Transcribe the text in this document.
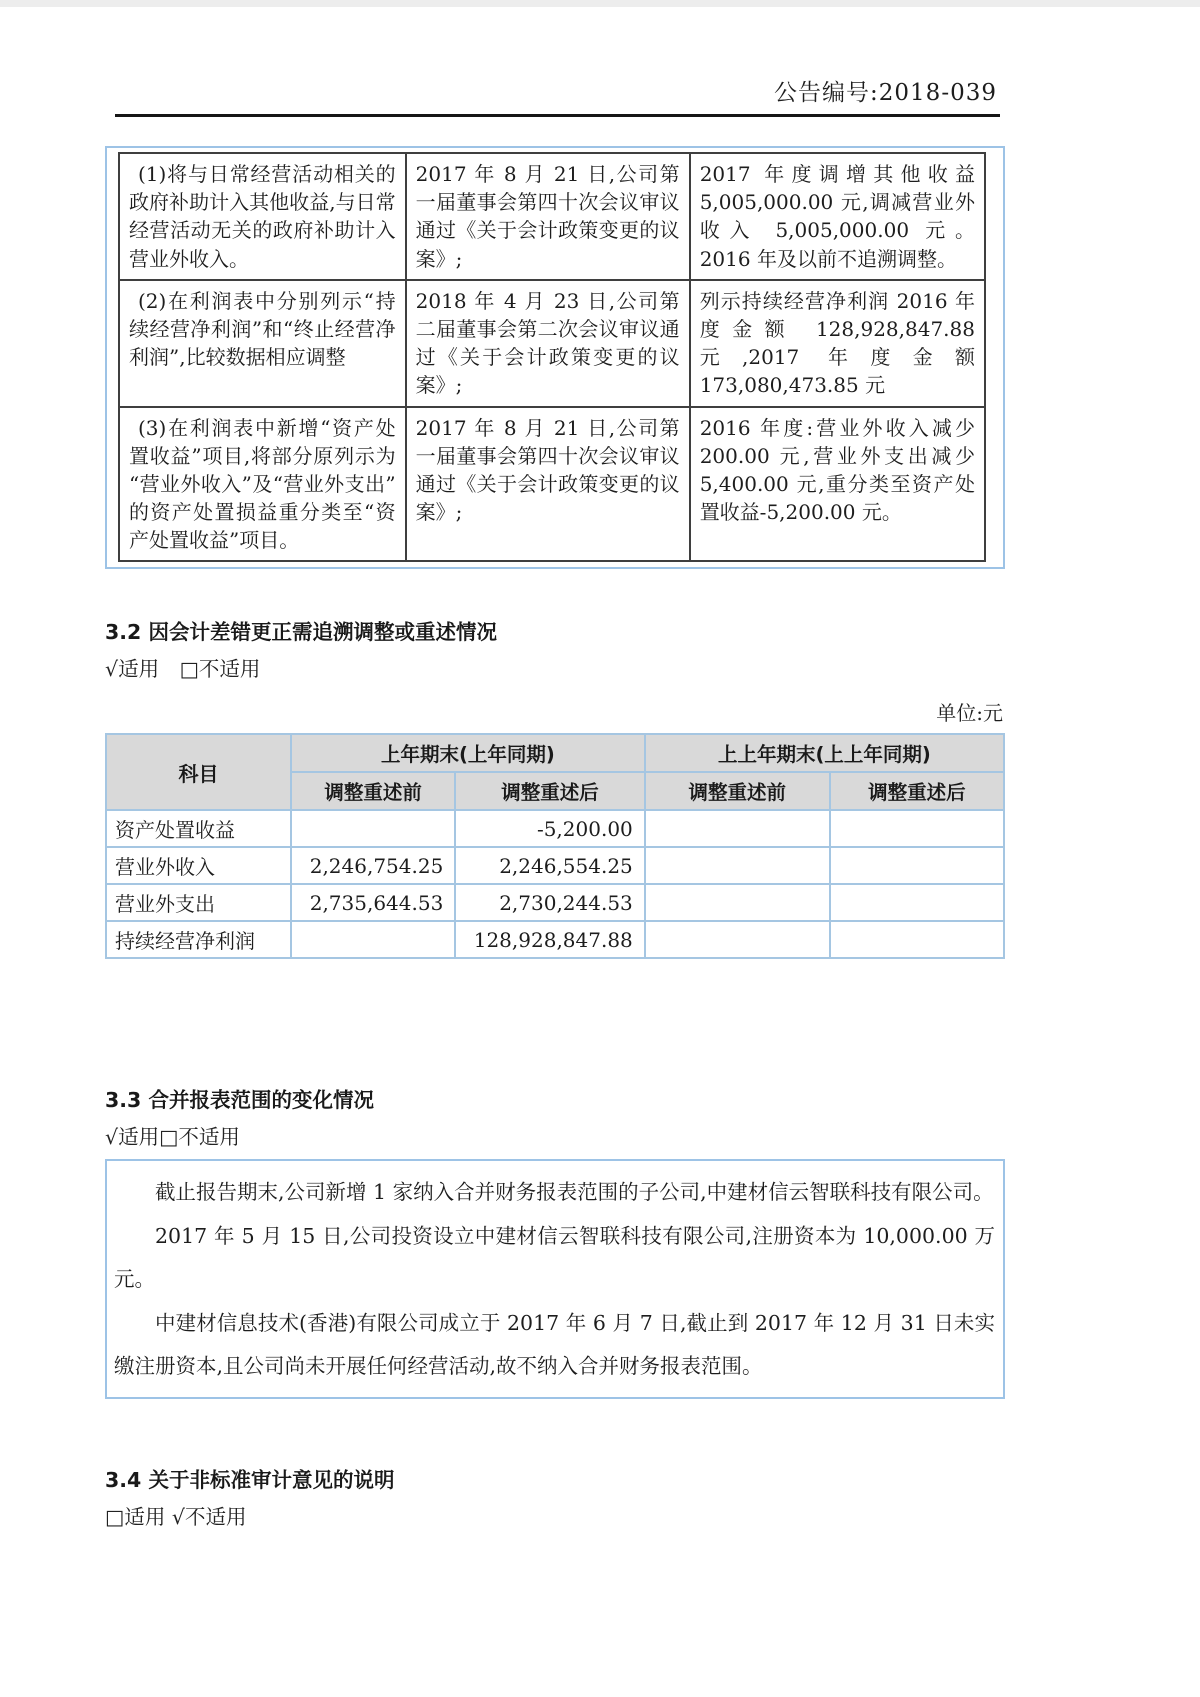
公告编号:2018-039
(1)将与日常经营活动相关的政府补助计入其他收益,与日常经营活动无关的政府补助计入营业外收入。	2017 年 8 月 21 日,公司第一届董事会第四十次会议审议通过《关于会计政策变更的议案》;	2017 年度调增其他收益 5,005,000.00 元,调减营业外收入 5,005,000.00 元。2016 年及以前不追溯调整。
(2)在利润表中分别列示“持续经营净利润”和“终止经营净利润”,比较数据相应调整	2018 年 4 月 23 日,公司第二届董事会第二次会议审议通过《关于会计政策变更的议案》;	列示持续经营净利润 2016 年度金额 128,928,847.88 元,2017 年度金额 173,080,473.85 元
(3)在利润表中新增“资产处置收益”项目,将部分原列示为“营业外收入”及“营业外支出”的资产处置损益重分类至“资产处置收益”项目。	2017 年 8 月 21 日,公司第一届董事会第四十次会议审议通过《关于会计政策变更的议案》;	2016 年度:营业外收入减少 200.00 元,营业外支出减少 5,400.00 元,重分类至资产处置收益-5,200.00 元。
3.2 因会计差错更正需追溯调整或重述情况
√适用　□不适用
单位:元
科目	上年期末(上年同期)		上上年期末(上上年同期)	
	调整重述前	调整重述后	调整重述前	调整重述后
资产处置收益		-5,200.00		
营业外收入	2,246,754.25	2,246,554.25		
营业外支出	2,735,644.53	2,730,244.53		
持续经营净利润		128,928,847.88		
3.3 合并报表范围的变化情况
√适用□不适用

截止报告期末,公司新增 1 家纳入合并财务报表范围的子公司,中建材信云智联科技有限公司。

2017 年 5 月 15 日,公司投资设立中建材信云智联科技有限公司,注册资本为 10,000.00 万元。

中建材信息技术(香港)有限公司成立于 2017 年 6 月 7 日,截止到 2017 年 12 月 31 日未实缴注册资本,且公司尚未开展任何经营活动,故不纳入合并财务报表范围。

3.4 关于非标准审计意见的说明
□适用 √不适用
